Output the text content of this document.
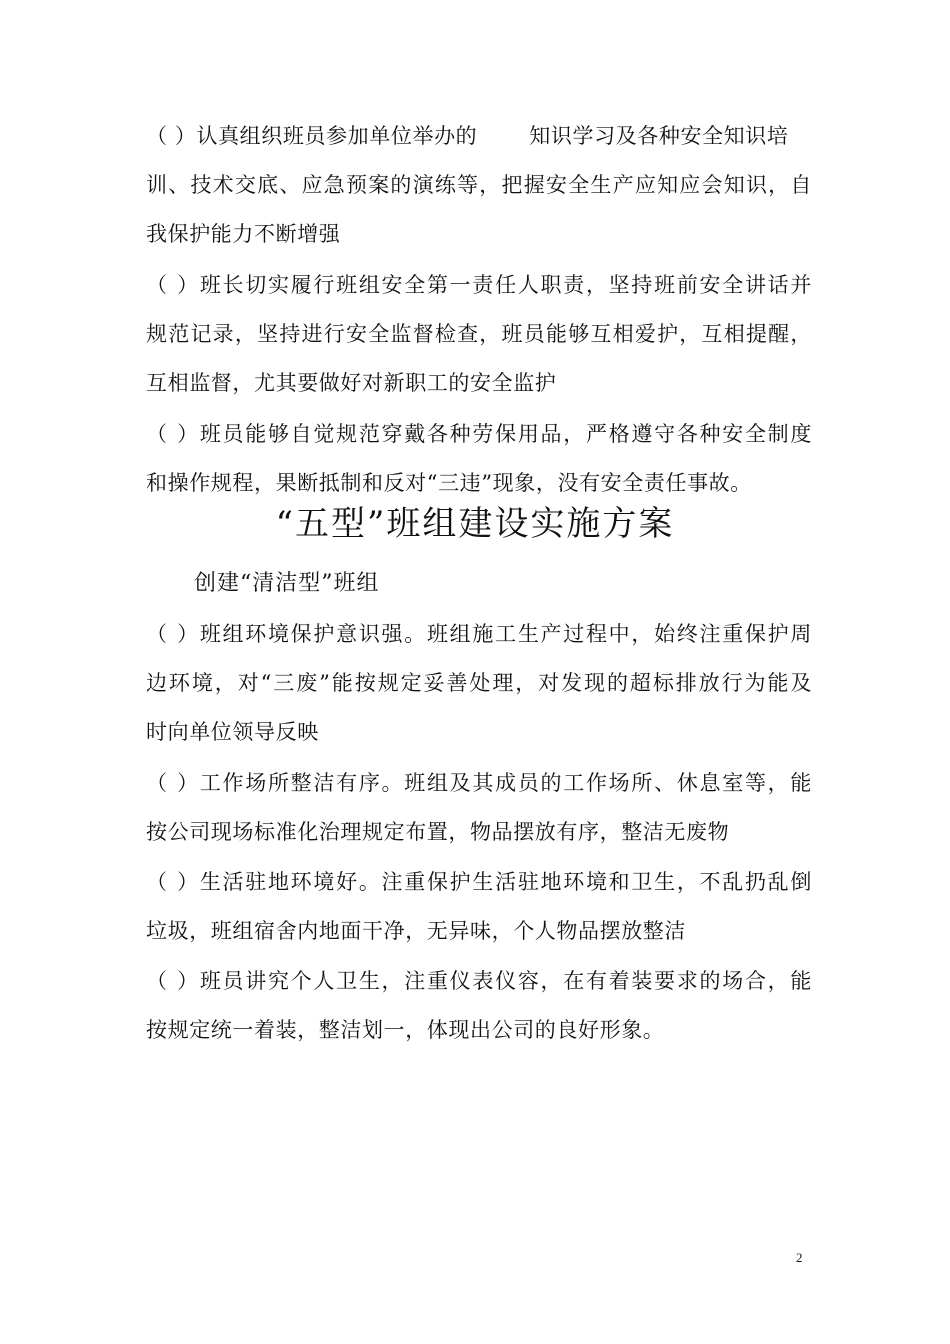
（ ）认真组织班员参加单位举办的 知识学习及各种安全知识培
训、技术交底、应急预案的演练等，把握安全生产应知应会知识，自
我保护能力不断增强
（ ）班长切实履行班组安全第一责任人职责，坚持班前安全讲话并
规范记录，坚持进行安全监督检查，班员能够互相爱护，互相提醒，
互相监督，尤其要做好对新职工的安全监护
（ ）班员能够自觉规范穿戴各种劳保用品，严格遵守各种安全制度
和操作规程，果断抵制和反对“三违”现象，没有安全责任事故。
“五型”班组建设实施方案
创建“清洁型”班组
（ ）班组环境保护意识强。班组施工生产过程中，始终注重保护周
边环境，对“三废”能按规定妥善处理，对发现的超标排放行为能及
时向单位领导反映
（ ）工作场所整洁有序。班组及其成员的工作场所、休息室等，能
按公司现场标准化治理规定布置，物品摆放有序，整洁无废物
（ ）生活驻地环境好。注重保护生活驻地环境和卫生，不乱扔乱倒
垃圾，班组宿舍内地面干净，无异味，个人物品摆放整洁
（ ）班员讲究个人卫生，注重仪表仪容，在有着装要求的场合，能
按规定统一着装，整洁划一，体现出公司的良好形象。
2
